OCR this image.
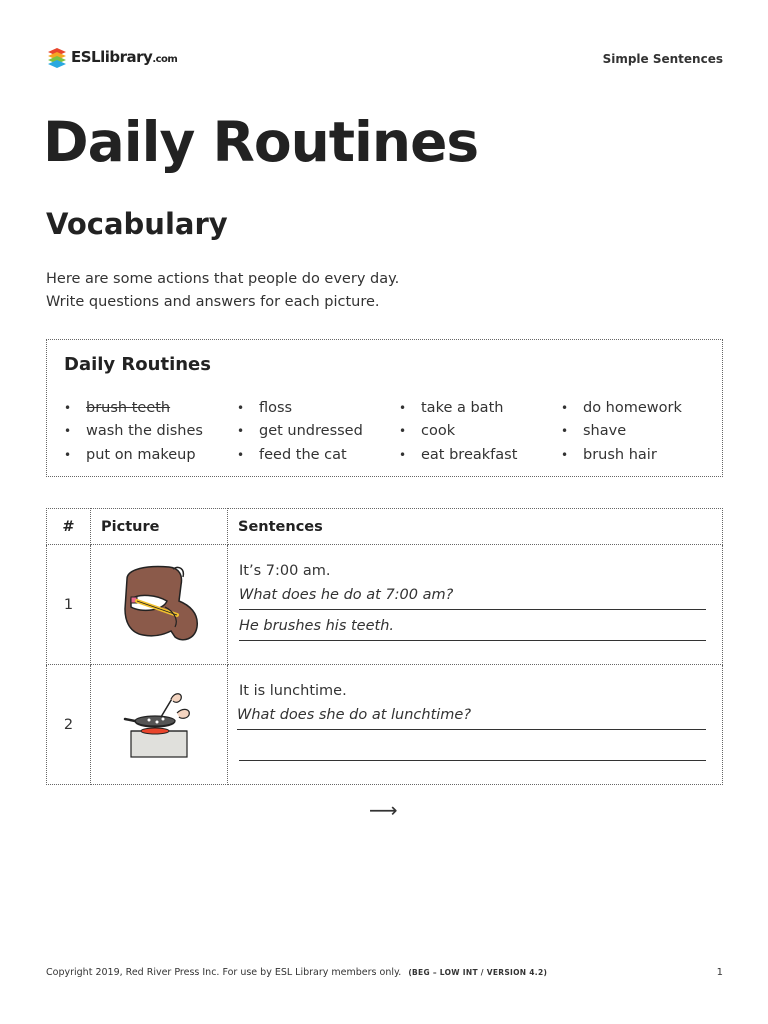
ESLlibrary.com	Simple Sentences
Daily Routines
Vocabulary
Here are some actions that people do every day.
Write questions and answers for each picture.
Daily Routines
• brush teeth
• wash the dishes
• put on makeup
• floss
• get undressed
• feed the cat
• take a bath
• cook
• eat breakfast
• do homework
• shave
• brush hair
#	Picture	Sentences
1		It’s 7:00 am.
What does he do at 7:00 am?
He brushes his teeth.

2		It is lunchtime.
What does she do at lunchtime?
⟶
Copyright 2019, Red River Press Inc. For use by ESL Library members only. (BEG – LOW INT / VERSION 4.2)	1
